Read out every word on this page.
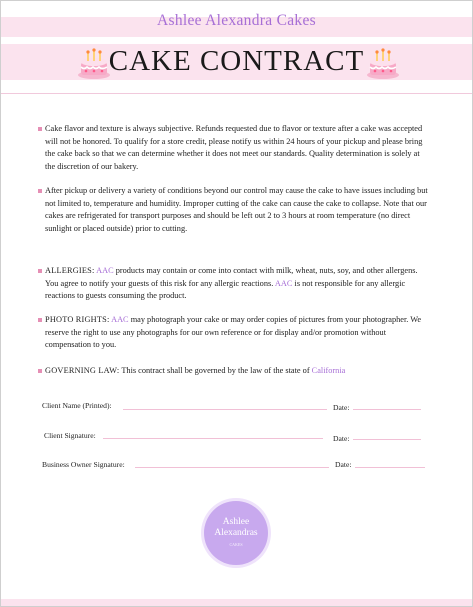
Ashlee Alexandra Cakes
CAKE CONTRACT
Cake flavor and texture is always subjective. Refunds requested due to flavor or texture after a cake was accepted will not be honored. To qualify for a store credit, please notify us within 24 hours of your pickup and please bring the cake back so that we can determine whether it does not meet our standards. Quality determination is solely at the discretion of our bakery.
After pickup or delivery a variety of conditions beyond our control may cause the cake to have issues including but not limited to, temperature and humidity. Improper cutting of the cake can cause the cake to collapse. Note that our cakes are refrigerated for transport purposes and should be left out 2 to 3 hours at room temperature (no direct sunlight or placed outside) prior to cutting.
ALLERGIES: AAC products may contain or come into contact with milk, wheat, nuts, soy, and other allergens. You agree to notify your guests of this risk for any allergic reactions. AAC is not responsible for any allergic reactions to guests consuming the product.
PHOTO RIGHTS: AAC may photograph your cake or may order copies of pictures from your photographer. We reserve the right to use any photographs for our own reference or for display and/or promotion without compensation to you.
GOVERNING LAW: This contract shall be governed by the law of the state of California
Client Name (Printed):	Date:
Client Signature:	Date:
Business Owner Signature:	Date:
Ashlee
Alexandras
CAKES
